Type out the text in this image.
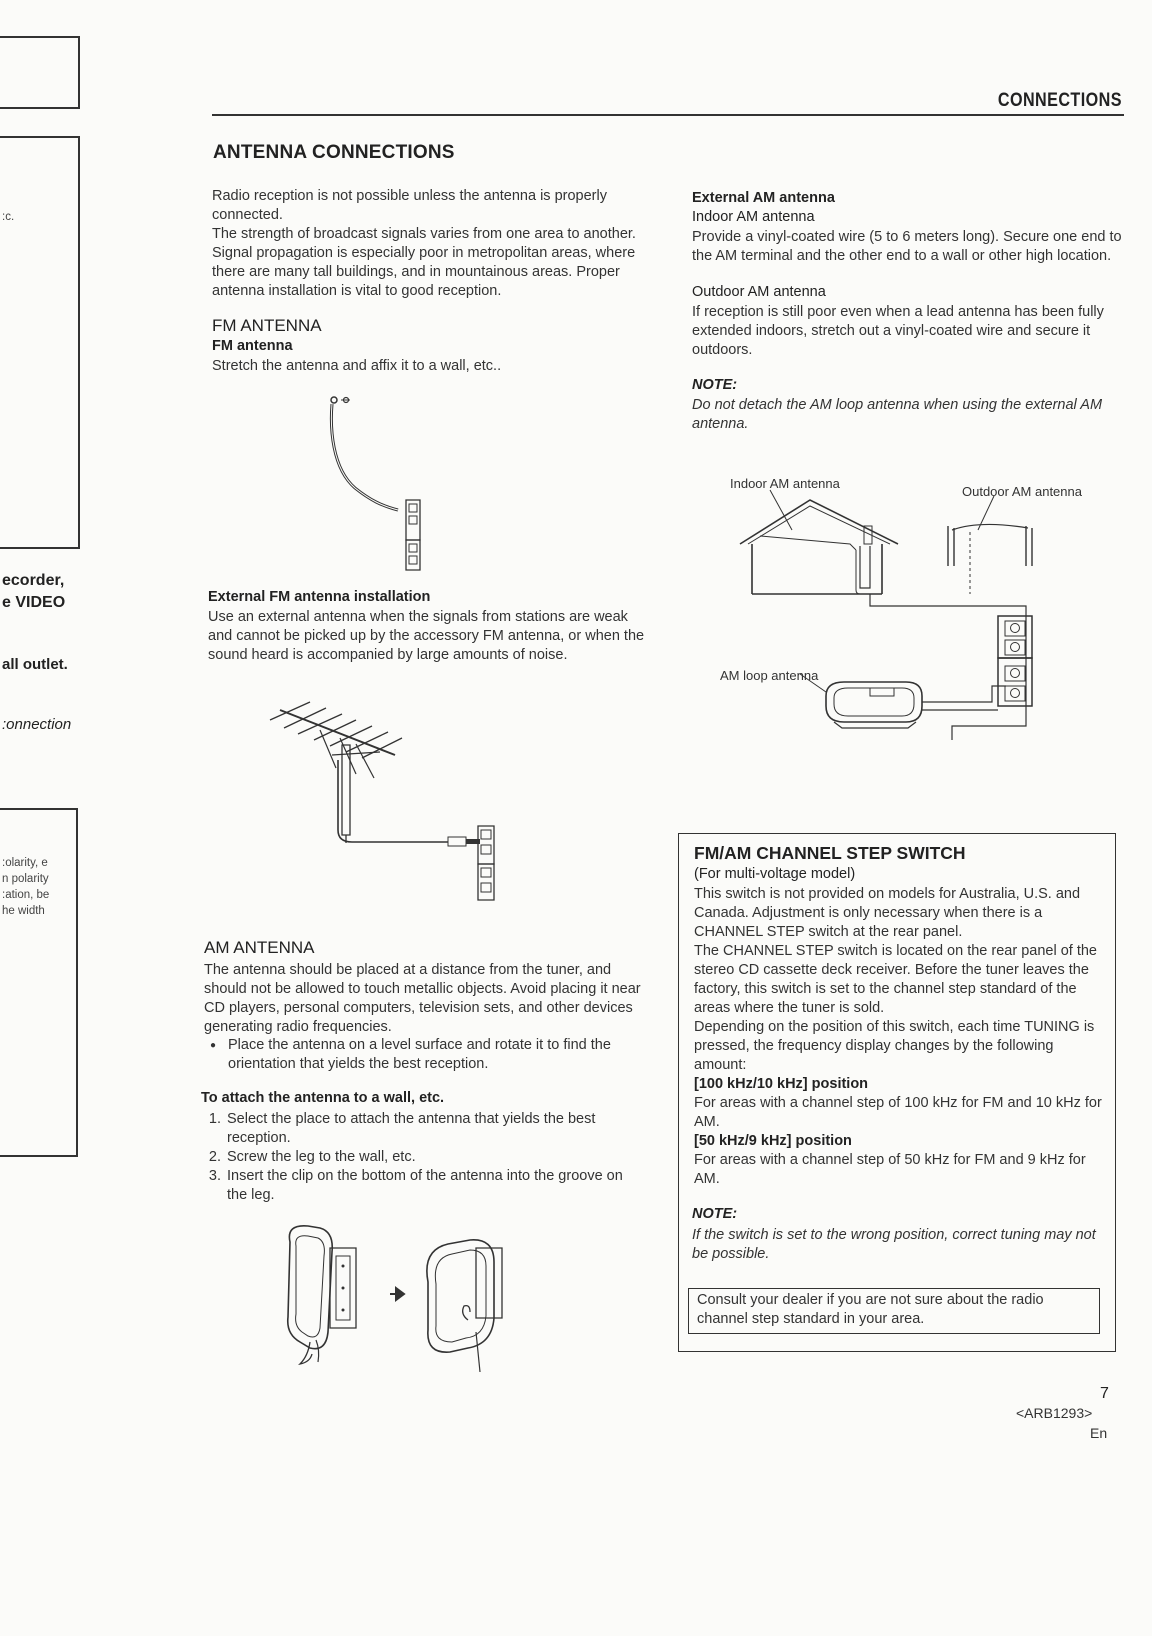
:c.
ecorder,
e VIDEO
all outlet.
:onnection
:olarity, e
n polarity
:ation, be
he width
CONNECTIONS
ANTENNA CONNECTIONS
Radio reception is not possible unless the antenna is properly connected.
The strength of broadcast signals varies from one area to another. Signal propagation is especially poor in metropolitan areas, where there are many tall buildings, and in mountainous areas. Proper antenna installation is vital to good reception.
FM ANTENNA
FM antenna
Stretch the antenna and affix it to a wall, etc..
External FM antenna installation
Use an external antenna when the signals from stations are weak and cannot be picked up by the accessory FM antenna, or when the sound heard is accompanied by large amounts of noise.
AM ANTENNA
The antenna should be placed at a distance from the tuner, and should not be allowed to touch metallic objects. Avoid placing it near CD players, personal computers, television sets, and other devices generating radio frequencies.
● Place the antenna on a level surface and rotate it to find the orientation that yields the best reception.
To attach the antenna to a wall, etc.
1. Select the place to attach the antenna that yields the best reception.
2. Screw the leg to the wall, etc.
3. Insert the clip on the bottom of the antenna into the groove on the leg.
External AM antenna
Indoor AM antenna
Provide a vinyl-coated wire (5 to 6 meters long). Secure one end to the AM terminal and the other end to a wall or other high location.
Outdoor AM antenna
If reception is still poor even when a lead antenna has been fully extended indoors, stretch out a vinyl-coated wire and secure it outdoors.
NOTE:
Do not detach the AM loop antenna when using the external AM antenna.
Indoor AM antenna
Outdoor AM antenna
AM loop antenna
FM/AM CHANNEL STEP SWITCH
(For multi-voltage model)
This switch is not provided on models for Australia, U.S. and Canada. Adjustment is only necessary when there is a CHANNEL STEP switch at the rear panel.
The CHANNEL STEP switch is located on the rear panel of the stereo CD cassette deck receiver. Before the tuner leaves the factory, this switch is set to the channel step standard of the areas where the tuner is sold.
Depending on the position of this switch, each time TUNING is pressed, the frequency display changes by the following amount:
[100 kHz/10 kHz] position
For areas with a channel step of 100 kHz for FM and 10 kHz for AM.
[50 kHz/9 kHz] position
For areas with a channel step of 50 kHz for FM and 9 kHz for AM.
NOTE:
If the switch is set to the wrong position, correct tuning may not be possible.
Consult your dealer if you are not sure about the radio channel step standard in your area.
7
<ARB1293>
En
